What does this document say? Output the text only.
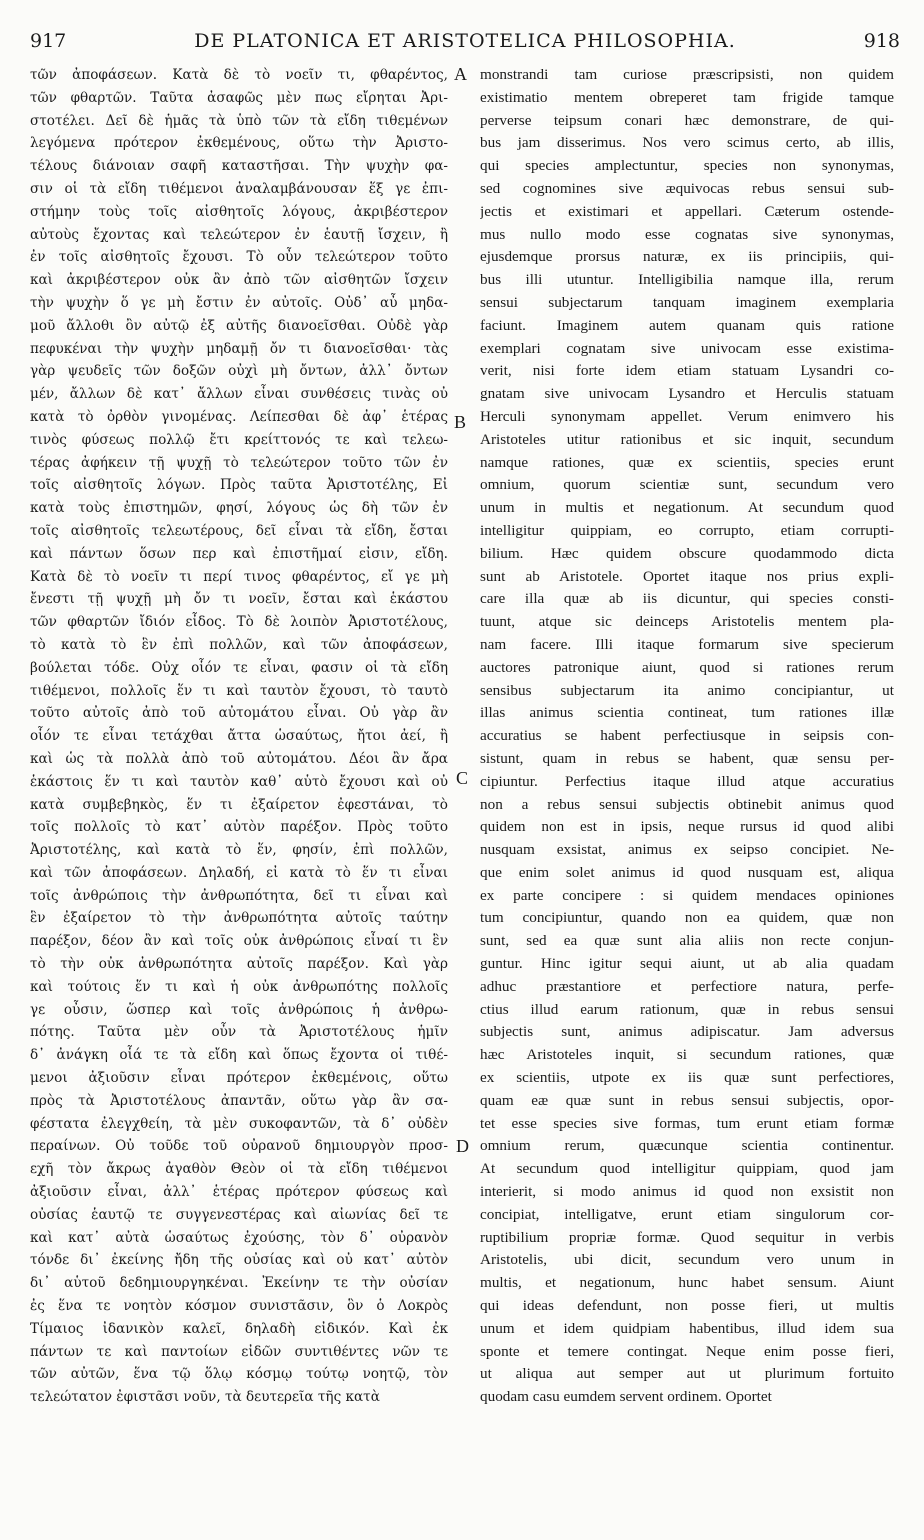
917	DE PLATONICA ET ARISTOTELICA PHILOSOPHIA.	918
τῶν ἀποφάσεων. Κατὰ δὲ τὸ νοεῖν τι, φθαρέντος,
τῶν φθαρτῶν. Ταῦτα ἀσαφῶς μὲν πως εἴρηται Ἀρι-
στοτέλει. Δεῖ δὲ ἡμᾶς τὰ ὑπὸ τῶν τὰ εἴδη τιθεμένων
λεγόμενα πρότερον ἐκθεμένους, οὕτω τὴν Ἀριστο-
τέλους διάνοιαν σαφῆ καταστῆσαι. Τὴν ψυχὴν φα-
σιν οἱ τὰ εἴδη τιθέμενοι ἀναλαμβάνουσαν ἕξ γε ἐπι-
στήμην τοὺς τοῖς αἰσθητοῖς λόγους, ἀκριβέστερον
αὐτοὺς ἔχοντας καὶ τελεώτερον ἐν ἑαυτῇ ἴσχειν, ἢ
ἐν τοῖς αἰσθητοῖς ἔχουσι. Τὸ οὖν τελεώτερον τοῦτο
καὶ ἀκριβέστερον οὐκ ἂν ἀπὸ τῶν αἰσθητῶν ἴσχειν
τὴν ψυχὴν ὅ γε μὴ ἔστιν ἐν αὐτοῖς. Οὐδ᾽ αὖ μηδα-
μοῦ ἄλλοθι ὂν αὐτῷ ἐξ αὐτῆς διανοεῖσθαι. Οὐδὲ γὰρ
πεφυκέναι τὴν ψυχὴν μηδαμῇ ὄν τι διανοεῖσθαι· τὰς
γὰρ ψευδεῖς τῶν δοξῶν οὐχὶ μὴ ὄντων, ἀλλ᾽ ὄντων
μέν, ἄλλων δὲ κατ᾽ ἄλλων εἶναι συνθέσεις τινὰς οὐ
κατὰ τὸ ὀρθὸν γινομένας. Λείπεσθαι δὲ ἀφ᾽ ἑτέρας
τινὸς φύσεως πολλῷ ἔτι κρείττονός τε καὶ τελεω-
τέρας ἀφήκειν τῇ ψυχῇ τὸ τελεώτερον τοῦτο τῶν ἐν
τοῖς αἰσθητοῖς λόγων. Πρὸς ταῦτα Ἀριστοτέλης, Εἰ
κατὰ τοὺς ἐπιστημῶν, φησί, λόγους ὡς δὴ τῶν ἐν
τοῖς αἰσθητοῖς τελεωτέρους, δεῖ εἶναι τὰ εἴδη, ἔσται
καὶ πάντων ὅσων περ καὶ ἐπιστῆμαί εἰσιν, εἴδη.
Κατὰ δὲ τὸ νοεῖν τι περί τινος φθαρέντος, εἴ γε μὴ
ἔνεστι τῇ ψυχῇ μὴ ὄν τι νοεῖν, ἔσται καὶ ἑκάστου
τῶν φθαρτῶν ἴδιόν εἶδος. Τὸ δὲ λοιπὸν Ἀριστοτέλους,
τὸ κατὰ τὸ ἓν ἐπὶ πολλῶν, καὶ τῶν ἀποφάσεων,
βούλεται τόδε. Οὐχ οἷόν τε εἶναι, φασιν οἱ τὰ εἴδη
τιθέμενοι, πολλοῖς ἕν τι καὶ ταυτὸν ἔχουσι, τὸ ταυτὸ
τοῦτο αὐτοῖς ἀπὸ τοῦ αὐτομάτου εἶναι. Οὐ γὰρ ἂν
οἷόν τε εἶναι τετάχθαι ἄττα ὡσαύτως, ἤτοι ἀεί, ἢ
καὶ ὡς τὰ πολλὰ ἀπὸ τοῦ αὐτομάτου. Δέοι ἂν ἄρα
ἑκάστοις ἕν τι καὶ ταυτὸν καθ᾽ αὑτὸ ἔχουσι καὶ οὐ
κατὰ συμβεβηκὸς, ἕν τι ἐξαίρετον ἐφεστάναι, τὸ
τοῖς πολλοῖς τὸ κατ᾽ αὐτὸν παρέξον. Πρὸς τοῦτο
Ἀριστοτέλης, καὶ κατὰ τὸ ἕν, φησίν, ἐπὶ πολλῶν,
καὶ τῶν ἀποφάσεων. Δηλαδή, εἰ κατὰ τὸ ἕν τι εἶναι
τοῖς ἀνθρώποις τὴν ἀνθρωπότητα, δεῖ τι εἶναι καὶ
ἓν ἐξαίρετον τὸ τὴν ἀνθρωπότητα αὐτοῖς ταύτην
παρέξον, δέον ἂν καὶ τοῖς οὐκ ἀνθρώποις εἶναί τι ἓν
τὸ τὴν οὐκ ἀνθρωπότητα αὐτοῖς παρέξον. Καὶ γὰρ
καὶ τούτοις ἕν τι καὶ ἡ οὐκ ἀνθρωπότης πολλοῖς
γε οὖσιν, ὥσπερ καὶ τοῖς ἀνθρώποις ἡ ἀνθρω-
πότης. Ταῦτα μὲν οὖν τὰ Ἀριστοτέλους ἡμῖν
δ᾽ ἀνάγκη οἷά τε τὰ εἴδη καὶ ὅπως ἔχοντα οἱ τιθέ-
μενοι ἀξιοῦσιν εἶναι πρότερον ἐκθεμένοις, οὕτω
πρὸς τὰ Ἀριστοτέλους ἀπαντᾶν, οὕτω γὰρ ἂν σα-
φέστατα ἐλεγχθείη, τὰ μὲν συκοφαντῶν, τὰ δ᾽ οὐδὲν
περαίνων. Οὐ τοῦδε τοῦ οὐρανοῦ δημιουργὸν προσ-
εχῆ τὸν ἄκρως ἀγαθὸν Θεὸν οἱ τὰ εἴδη τιθέμενοι
ἀξιοῦσιν εἶναι, ἀλλ᾽ ἑτέρας πρότερον φύσεως καὶ
οὐσίας ἑαυτῷ τε συγγενεστέρας καὶ αἰωνίας δεῖ τε
καὶ κατ᾽ αὐτὰ ὡσαύτως ἐχούσης, τὸν δ᾽ οὐρανὸν
τόνδε δι᾽ ἐκείνης ἤδη τῆς οὐσίας καὶ οὐ κατ᾽ αὐτὸν
δι᾽ αὑτοῦ δεδημιουργηκέναι. Ἐκείνην τε τὴν οὐσίαν
ἐς ἕνα τε νοητὸν κόσμον συνιστᾶσιν, ὃν ὁ Λοκρὸς
Τίμαιος ἰδανικὸν καλεῖ, δηλαδὴ εἰδικόν. Καὶ ἐκ
πάντων τε καὶ παντοίων εἰδῶν συντιθέντες νῶν τε
τῶν αὐτῶν, ἕνα τῷ ὅλῳ κόσμῳ τούτῳ νοητῷ, τὸν
τελεώτατον ἐφιστᾶσι νοῦν, τὰ δευτερεῖα τῆς κατὰ
monstrandi tam curiose præscripsisti, non quidem
existimatio mentem obreperet tam frigide tamque
perverse teipsum conari hæc demonstrare, de qui-
bus jam disserimus. Nos vero scimus certo, ab illis,
qui species amplectuntur, species non synonymas,
sed cognomines sive æquivocas rebus sensui sub-
jectis et existimari et appellari. Cæterum ostende-
mus nullo modo esse cognatas sive synonymas,
ejusdemque prorsus naturæ, ex iis principiis, qui-
bus illi utuntur. Intelligibilia namque illa, rerum
sensui subjectarum tanquam imaginem exemplaria
faciunt. Imaginem autem quanam quis ratione
exemplari cognatam sive univocam esse existima-
verit, nisi forte idem etiam statuam Lysandri co-
gnatam sive univocam Lysandro et Herculis statuam
Herculi synonymam appellet. Verum enimvero his
Aristoteles utitur rationibus et sic inquit, secundum
namque rationes, quæ ex scientiis, species erunt
omnium, quorum scientiæ sunt, secundum vero
unum in multis et negationum. At secundum quod
intelligitur quippiam, eo corrupto, etiam corrupti-
bilium. Hæc quidem obscure quodammodo dicta
sunt ab Aristotele. Oportet itaque nos prius expli-
care illa quæ ab iis dicuntur, qui species consti-
tuunt, atque sic deinceps Aristotelis mentem pla-
nam facere. Illi itaque formarum sive specierum
auctores patronique aiunt, quod si rationes rerum
sensibus subjectarum ita animo concipiantur, ut
illas animus scientia contineat, tum rationes illæ
accuratius se habent perfectiusque in seipsis con-
sistunt, quam in rebus se habent, quæ sensu per-
cipiuntur. Perfectius itaque illud atque accuratius
non a rebus sensui subjectis obtinebit animus quod
quidem non est in ipsis, neque rursus id quod alibi
nusquam exsistat, animus ex seipso concipiet. Ne-
que enim solet animus id quod nusquam est, aliqua
ex parte concipere : si quidem mendaces opiniones
tum concipiuntur, quando non ea quidem, quæ non
sunt, sed ea quæ sunt alia aliis non recte conjun-
guntur. Hinc igitur sequi aiunt, ut ab alia quadam
adhuc præstantiore et perfectiore natura, perfe-
ctius illud earum rationum, quæ in rebus sensui
subjectis sunt, animus adipiscatur. Jam adversus
hæc Aristoteles inquit, si secundum rationes, quæ
ex scientiis, utpote ex iis quæ sunt perfectiores,
quam eæ quæ sunt in rebus sensui subjectis, opor-
tet esse species sive formas, tum erunt etiam formæ
omnium rerum, quæcunque scientia continentur.
At secundum quod intelligitur quippiam, quod jam
interierit, si modo animus id quod non exsistit non
concipiat, intelligatve, erunt etiam singulorum cor-
ruptibilium propriæ formæ. Quod sequitur in verbis
Aristotelis, ubi dicit, secundum vero unum in
multis, et negationum, hunc habet sensum. Aiunt
qui ideas defendunt, non posse fieri, ut multis
unum et idem quidpiam habentibus, illud idem sua
sponte et temere contingat. Neque enim posse fieri,
ut aliqua aut semper aut ut plurimum fortuito
quodam casu eumdem servent ordinem. Oportet
A
B
C
D
